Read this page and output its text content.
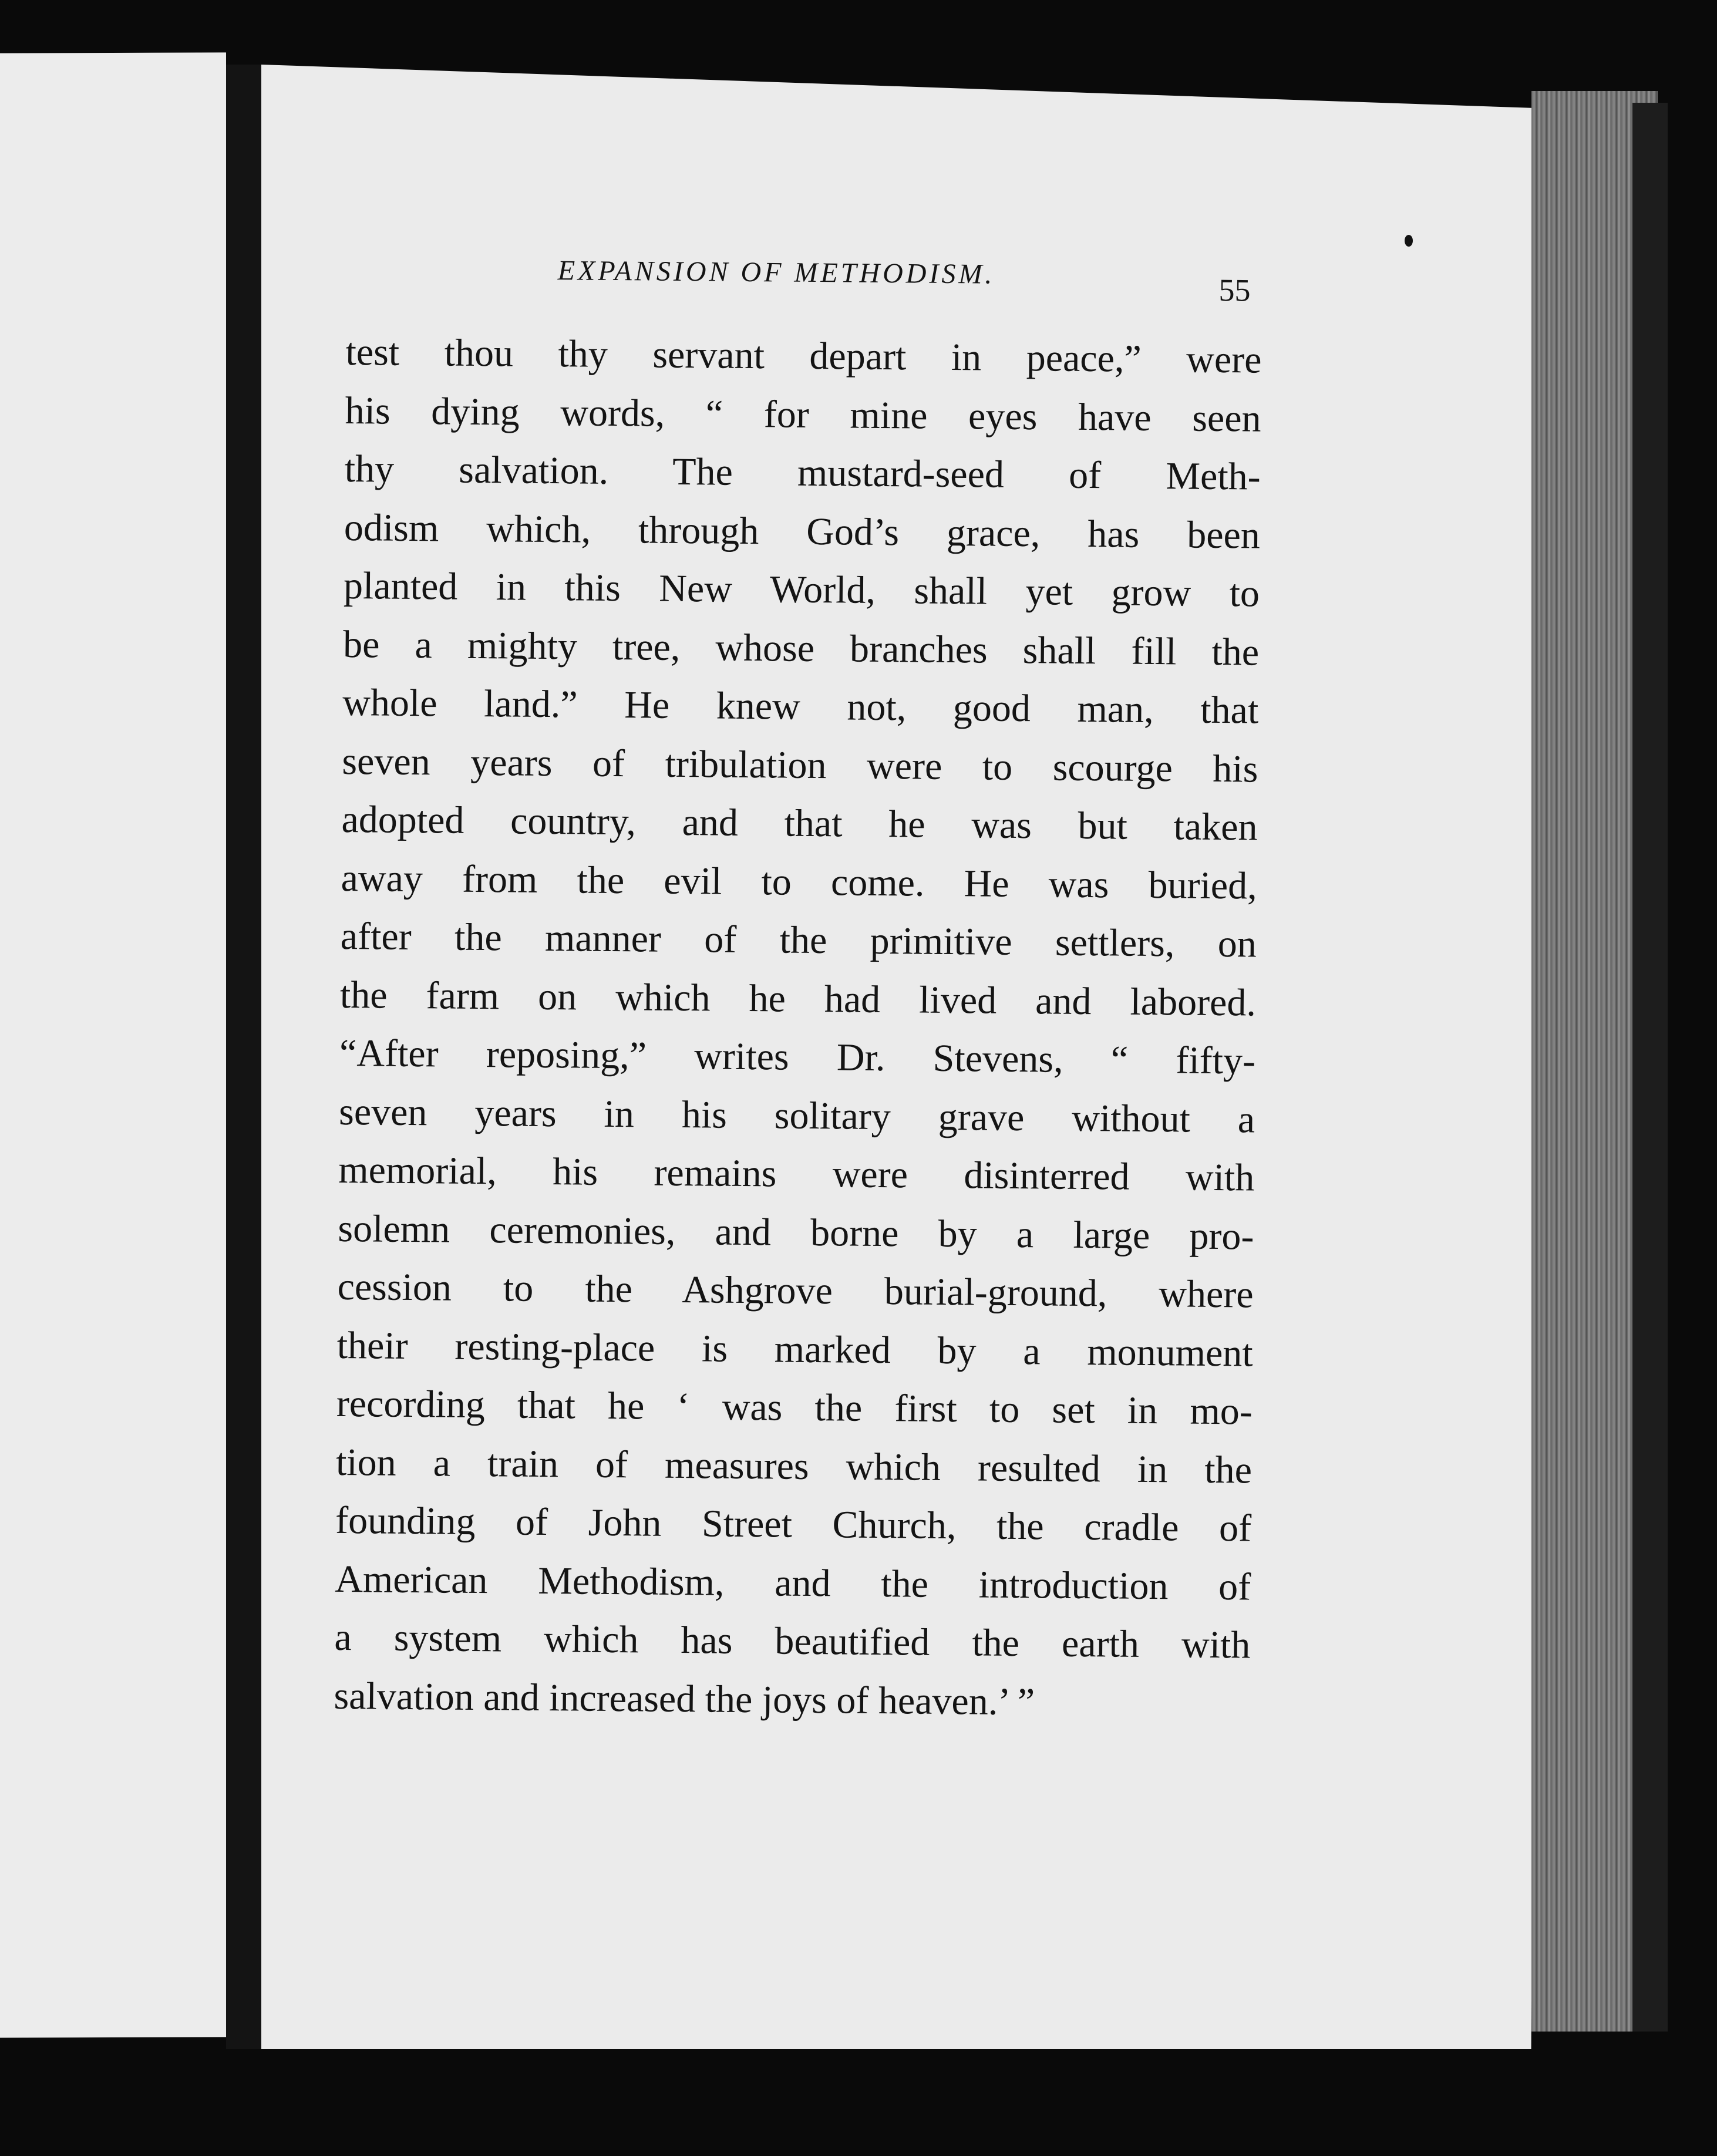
EXPANSION OF METHODISM.
55
test thou thy servant depart in peace,” were
his dying words, “ for mine eyes have seen
thy salvation. The mustard-seed of Meth-
odism which, through God’s grace, has been
planted in this New World, shall yet grow to
be a mighty tree, whose branches shall fill the
whole land.” He knew not, good man, that
seven years of tribulation were to scourge his
adopted country, and that he was but taken
away from the evil to come. He was buried,
after the manner of the primitive settlers, on
the farm on which he had lived and labored.
“After reposing,” writes Dr. Stevens, “ fifty-
seven years in his solitary grave without a
memorial, his remains were disinterred with
solemn ceremonies, and borne by a large pro-
cession to the Ashgrove burial-ground, where
their resting-place is marked by a monument
recording that he ‘ was the first to set in mo-
tion a train of measures which resulted in the
founding of John Street Church, the cradle of
American Methodism, and the introduction of
a system which has beautified the earth with
salvation and increased the joys of heaven.’ ”
